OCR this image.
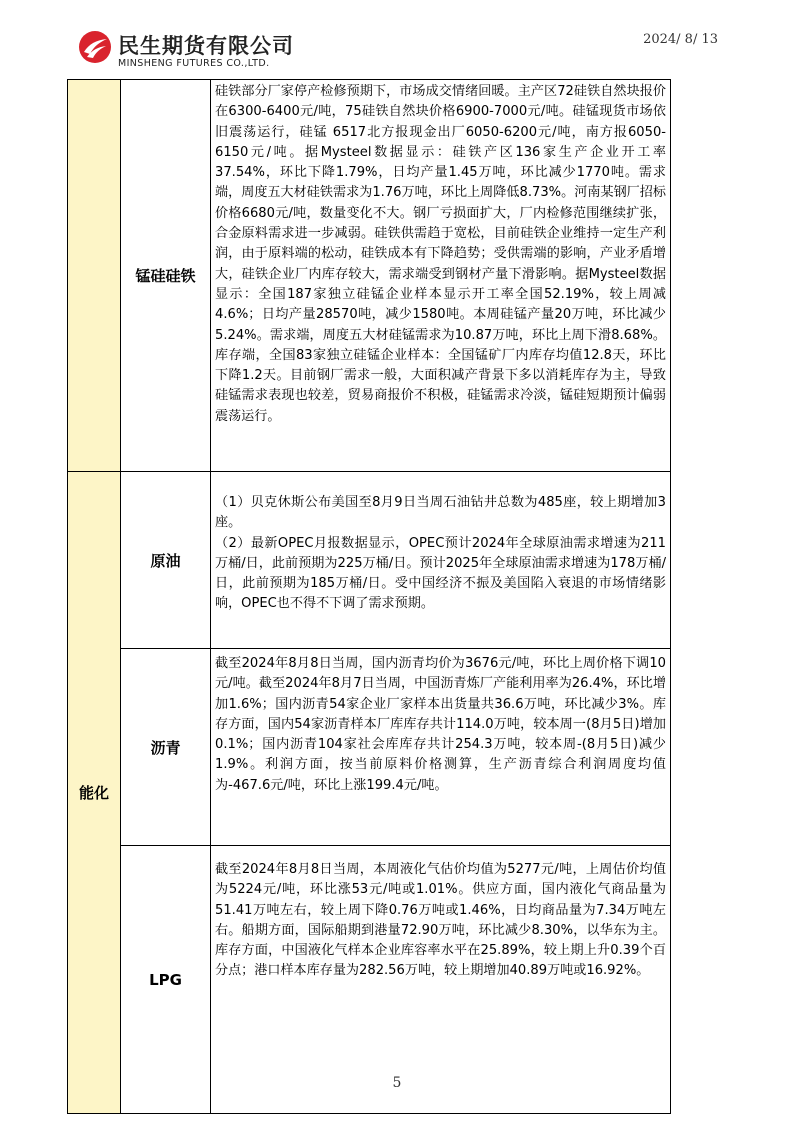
民生期货有限公司
MINSHENG FUTURES CO.,LTD.
2024/ 8/ 13
	锰硅硅铁	硅铁部分厂家停产检修预期下，市场成交情绪回暖。主产区72硅铁自然块报价在6300-6400元/吨，75硅铁自然块价格6900-7000元/吨。硅锰现货市场依旧震荡运行，硅锰 6517北方报现金出厂6050-6200元/吨，南方报6050-6150元/吨。据Mysteel数据显示：硅铁产区136家生产企业开工率37.54%，环比下降1.79%，日均产量1.45万吨，环比减少1770吨。需求端，周度五大材硅铁需求为1.76万吨，环比上周降低8.73%。河南某钢厂招标价格6680元/吨，数量变化不大。钢厂亏损面扩大，厂内检修范围继续扩张，合金原料需求进一步减弱。硅铁供需趋于宽松，目前硅铁企业维持一定生产利润，由于原料端的松动，硅铁成本有下降趋势；受供需端的影响，产业矛盾增大，硅铁企业厂内库存较大，需求端受到钢材产量下滑影响。据Mysteel数据显示：全国187家独立硅锰企业样本显示开工率全国52.19%，较上周减4.6%；日均产量28570吨，减少1580吨。本周硅锰产量20万吨，环比减少5.24%。需求端，周度五大材硅锰需求为10.87万吨，环比上周下滑8.68%。库存端，全国83家独立硅锰企业样本：全国锰矿厂内库存均值12.8天，环比下降1.2天。目前钢厂需求一般，大面积减产背景下多以消耗库存为主，导致硅锰需求表现也较差，贸易商报价不积极，硅锰需求冷淡，锰硅短期预计偏弱震荡运行。

能化	原油	（1）贝克休斯公布美国至8月9日当周石油钻井总数为485座，较上期增加3座。

（2）最新OPEC月报数据显示，OPEC预计2024年全球原油需求增速为211万桶/日，此前预期为225万桶/日。预计2025年全球原油需求增速为178万桶/日，此前预期为185万桶/日。受中国经济不振及美国陷入衰退的市场情绪影响，OPEC也不得不下调了需求预期。

	沥青	截至2024年8月8日当周，国内沥青均价为3676元/吨，环比上周价格下调10元/吨。截至2024年8月7日当周，中国沥青炼厂产能利用率为26.4%，环比增加1.6%；国内沥青54家企业厂家样本出货量共36.6万吨，环比减少3%。库存方面，国内54家沥青样本厂库库存共计114.0万吨，较本周一(8月5日)增加0.1%；国内沥青104家社会库库存共计254.3万吨，较本周-(8月5日)减少1.9%。利润方面，按当前原料价格测算，生产沥青综合利润周度均值为-467.6元/吨，环比上涨199.4元/吨。

	LPG	截至2024年8月8日当周，本周液化气估价均值为5277元/吨，上周估价均值为5224元/吨，环比涨53元/吨或1.01%。供应方面，国内液化气商品量为51.41万吨左右，较上周下降0.76万吨或1.46%，日均商品量为7.34万吨左右。船期方面，国际船期到港量72.90万吨，环比减少8.30%，以华东为主。库存方面，中国液化气样本企业库容率水平在25.89%，较上期上升0.39个百分点；港口样本库存量为282.56万吨，较上期增加40.89万吨或16.92%。

5
